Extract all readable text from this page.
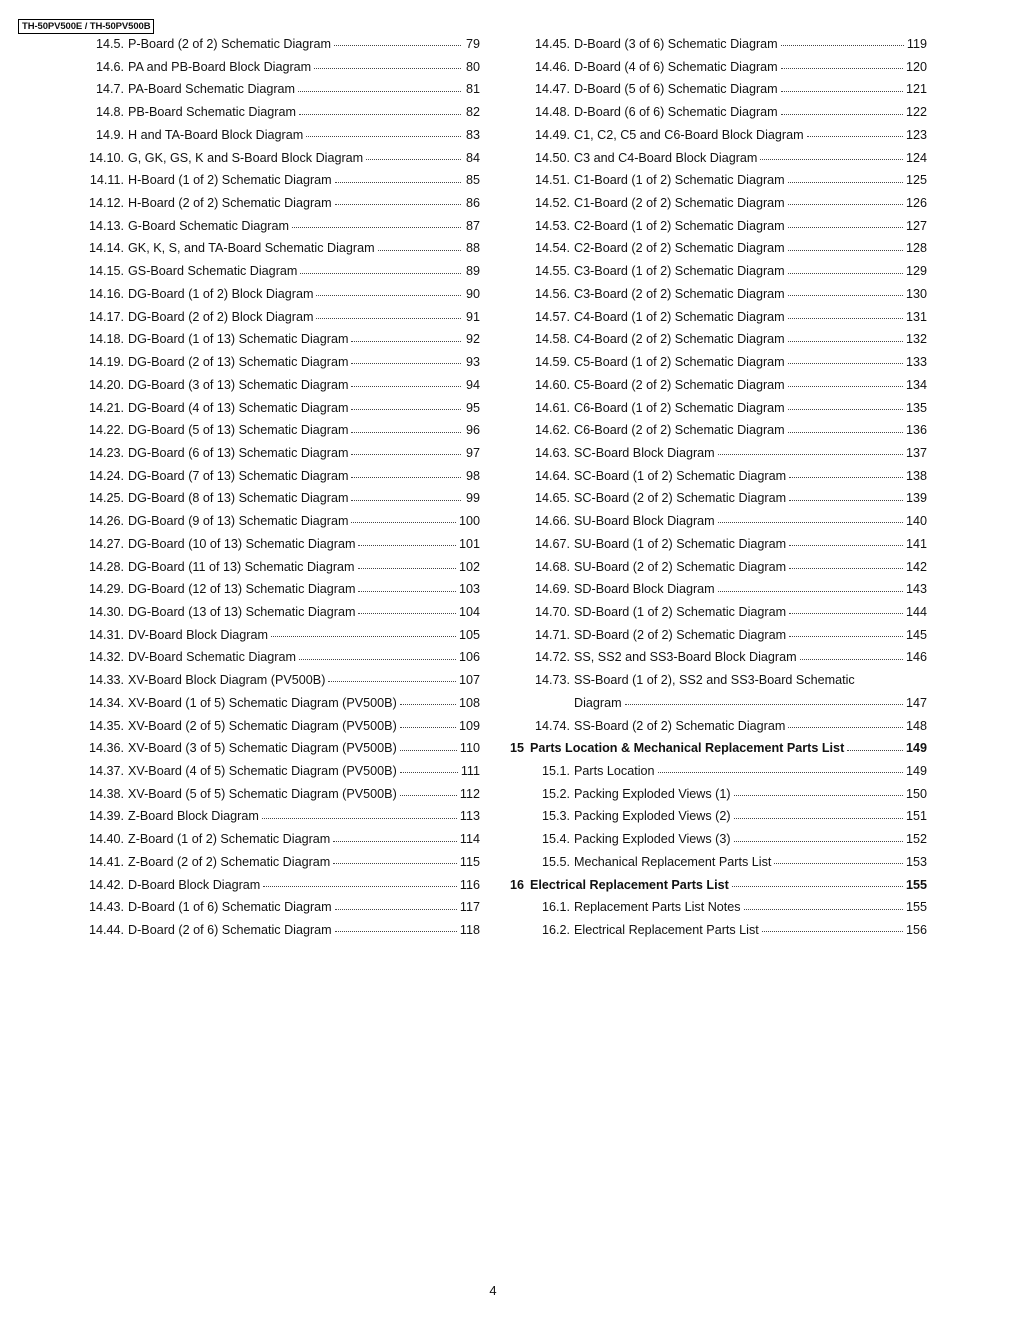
TH-50PV500E / TH-50PV500B
14.5. P-Board (2 of 2) Schematic Diagram	79
14.6. PA and PB-Board Block Diagram	80
14.7. PA-Board Schematic Diagram	81
14.8. PB-Board Schematic Diagram	82
14.9. H and TA-Board Block Diagram	83
14.10. G, GK, GS, K and S-Board Block Diagram	84
14.11. H-Board (1 of 2) Schematic Diagram	85
14.12. H-Board (2 of 2) Schematic Diagram	86
14.13. G-Board Schematic Diagram	87
14.14. GK, K, S, and TA-Board Schematic Diagram	88
14.15. GS-Board Schematic Diagram	89
14.16. DG-Board (1 of 2) Block Diagram	90
14.17. DG-Board (2 of 2) Block Diagram	91
14.18. DG-Board (1 of 13) Schematic Diagram	92
14.19. DG-Board (2 of 13) Schematic Diagram	93
14.20. DG-Board (3 of 13) Schematic Diagram	94
14.21. DG-Board (4 of 13) Schematic Diagram	95
14.22. DG-Board (5 of 13) Schematic Diagram	96
14.23. DG-Board (6 of 13) Schematic Diagram	97
14.24. DG-Board (7 of 13) Schematic Diagram	98
14.25. DG-Board (8 of 13) Schematic Diagram	99
14.26. DG-Board (9 of 13) Schematic Diagram	100
14.27. DG-Board (10 of 13) Schematic Diagram	101
14.28. DG-Board (11 of 13) Schematic Diagram	102
14.29. DG-Board (12 of 13) Schematic Diagram	103
14.30. DG-Board (13 of 13) Schematic Diagram	104
14.31. DV-Board Block Diagram	105
14.32. DV-Board Schematic Diagram	106
14.33. XV-Board Block Diagram (PV500B)	107
14.34. XV-Board (1 of 5) Schematic Diagram (PV500B)	108
14.35. XV-Board (2 of 5) Schematic Diagram (PV500B)	109
14.36. XV-Board (3 of 5) Schematic Diagram (PV500B)	110
14.37. XV-Board (4 of 5) Schematic Diagram (PV500B)	111
14.38. XV-Board (5 of 5) Schematic Diagram (PV500B)	112
14.39. Z-Board Block Diagram	113
14.40. Z-Board (1 of 2) Schematic Diagram	114
14.41. Z-Board (2 of 2) Schematic Diagram	115
14.42. D-Board Block Diagram	116
14.43. D-Board (1 of 6) Schematic Diagram	117
14.44. D-Board (2 of 6) Schematic Diagram	118
14.45. D-Board (3 of 6) Schematic Diagram	119
14.46. D-Board (4 of 6) Schematic Diagram	120
14.47. D-Board (5 of 6) Schematic Diagram	121
14.48. D-Board (6 of 6) Schematic Diagram	122
14.49. C1, C2, C5 and C6-Board Block Diagram	123
14.50. C3 and C4-Board Block Diagram	124
14.51. C1-Board (1 of 2) Schematic Diagram	125
14.52. C1-Board (2 of 2) Schematic Diagram	126
14.53. C2-Board (1 of 2) Schematic Diagram	127
14.54. C2-Board (2 of 2) Schematic Diagram	128
14.55. C3-Board (1 of 2) Schematic Diagram	129
14.56. C3-Board (2 of 2) Schematic Diagram	130
14.57. C4-Board (1 of 2) Schematic Diagram	131
14.58. C4-Board (2 of 2) Schematic Diagram	132
14.59. C5-Board (1 of 2) Schematic Diagram	133
14.60. C5-Board (2 of 2) Schematic Diagram	134
14.61. C6-Board (1 of 2) Schematic Diagram	135
14.62. C6-Board (2 of 2) Schematic Diagram	136
14.63. SC-Board Block Diagram	137
14.64. SC-Board (1 of 2) Schematic Diagram	138
14.65. SC-Board (2 of 2) Schematic Diagram	139
14.66. SU-Board Block Diagram	140
14.67. SU-Board (1 of 2) Schematic Diagram	141
14.68. SU-Board (2 of 2) Schematic Diagram	142
14.69. SD-Board Block Diagram	143
14.70. SD-Board (1 of 2) Schematic Diagram	144
14.71. SD-Board (2 of 2) Schematic Diagram	145
14.72. SS, SS2 and SS3-Board Block Diagram	146
14.73. SS-Board (1 of 2), SS2 and SS3-Board Schematic
Diagram	147
14.74. SS-Board (2 of 2) Schematic Diagram	148
15 Parts Location & Mechanical Replacement Parts List	149
15.1. Parts Location	149
15.2. Packing Exploded Views (1)	150
15.3. Packing Exploded Views (2)	151
15.4. Packing Exploded Views (3)	152
15.5. Mechanical Replacement Parts List	153
16 Electrical Replacement Parts List	155
16.1. Replacement Parts List Notes	155
16.2. Electrical Replacement Parts List	156
4
